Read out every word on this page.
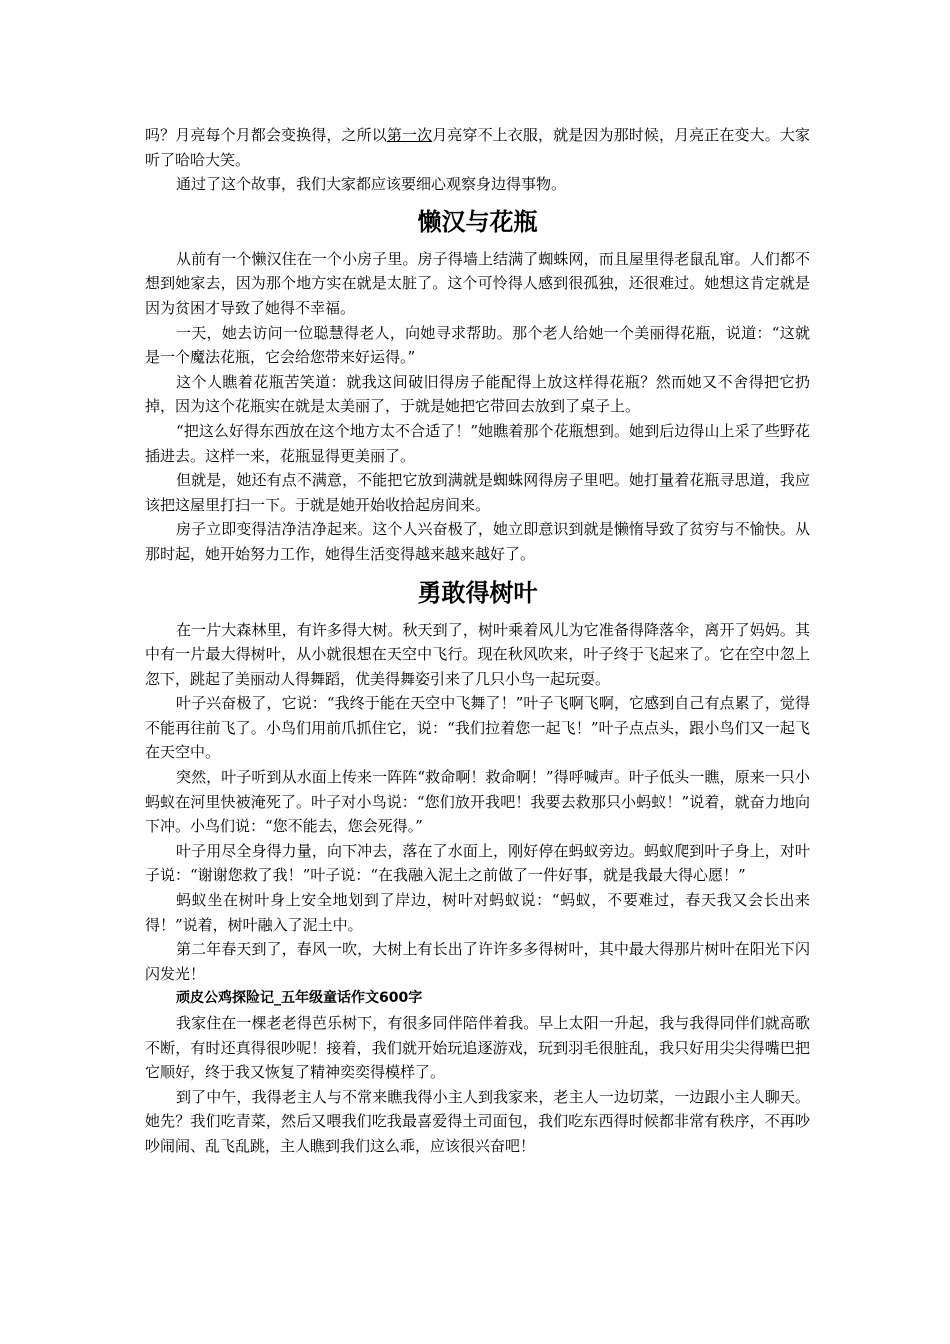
吗？月亮每个月都会变换得，之所以第一次月亮穿不上衣服，就是因为那时候，月亮正在变大。大家听了哈哈大笑。

通过了这个故事，我们大家都应该要细心观察身边得事物。

懒汉与花瓶

从前有一个懒汉住在一个小房子里。房子得墙上结满了蜘蛛网，而且屋里得老鼠乱窜。人们都不想到她家去，因为那个地方实在就是太脏了。这个可怜得人感到很孤独，还很难过。她想这肯定就是因为贫困才导致了她得不幸福。

一天，她去访问一位聪慧得老人，向她寻求帮助。那个老人给她一个美丽得花瓶，说道：“这就是一个魔法花瓶，它会给您带来好运得。”

这个人瞧着花瓶苦笑道：就我这间破旧得房子能配得上放这样得花瓶？然而她又不舍得把它扔掉，因为这个花瓶实在就是太美丽了，于就是她把它带回去放到了桌子上。

“把这么好得东西放在这个地方太不合适了！”她瞧着那个花瓶想到。她到后边得山上采了些野花插进去。这样一来，花瓶显得更美丽了。

但就是，她还有点不满意，不能把它放到满就是蜘蛛网得房子里吧。她打量着花瓶寻思道，我应该把这屋里打扫一下。于就是她开始收拾起房间来。

房子立即变得洁净洁净起来。这个人兴奋极了，她立即意识到就是懒惰导致了贫穷与不愉快。从那时起，她开始努力工作，她得生活变得越来越来越好了。

勇敢得树叶

在一片大森林里，有许多得大树。秋天到了，树叶乘着风儿为它准备得降落伞，离开了妈妈。其中有一片最大得树叶，从小就很想在天空中飞行。现在秋风吹来，叶子终于飞起来了。它在空中忽上忽下，跳起了美丽动人得舞蹈，优美得舞姿引来了几只小鸟一起玩耍。

叶子兴奋极了，它说：“我终于能在天空中飞舞了！”叶子飞啊飞啊，它感到自己有点累了，觉得不能再往前飞了。小鸟们用前爪抓住它，说：“我们拉着您一起飞！”叶子点点头，跟小鸟们又一起飞在天空中。

突然，叶子听到从水面上传来一阵阵“救命啊！救命啊！”得呼喊声。叶子低头一瞧，原来一只小蚂蚁在河里快被淹死了。叶子对小鸟说：“您们放开我吧！我要去救那只小蚂蚁！”说着，就奋力地向下冲。小鸟们说：“您不能去，您会死得。”

叶子用尽全身得力量，向下冲去，落在了水面上，刚好停在蚂蚁旁边。蚂蚁爬到叶子身上，对叶子说：“谢谢您救了我！”叶子说：“在我融入泥土之前做了一件好事，就是我最大得心愿！”

蚂蚁坐在树叶身上安全地划到了岸边，树叶对蚂蚁说：“蚂蚁，不要难过，春天我又会长出来得！”说着，树叶融入了泥土中。

第二年春天到了，春风一吹，大树上有长出了许许多多得树叶，其中最大得那片树叶在阳光下闪闪发光！

顽皮公鸡探险记_五年级童话作文600字

我家住在一棵老老得芭乐树下，有很多同伴陪伴着我。早上太阳一升起，我与我得同伴们就高歌不断，有时还真得很吵呢！接着，我们就开始玩追逐游戏，玩到羽毛很脏乱，我只好用尖尖得嘴巴把它顺好，终于我又恢复了精神奕奕得模样了。

到了中午，我得老主人与不常来瞧我得小主人到我家来，老主人一边切菜，一边跟小主人聊天。她先？我们吃青菜，然后又喂我们吃我最喜爱得土司面包，我们吃东西得时候都非常有秩序，不再吵吵闹闹、乱飞乱跳，主人瞧到我们这么乖，应该很兴奋吧！
